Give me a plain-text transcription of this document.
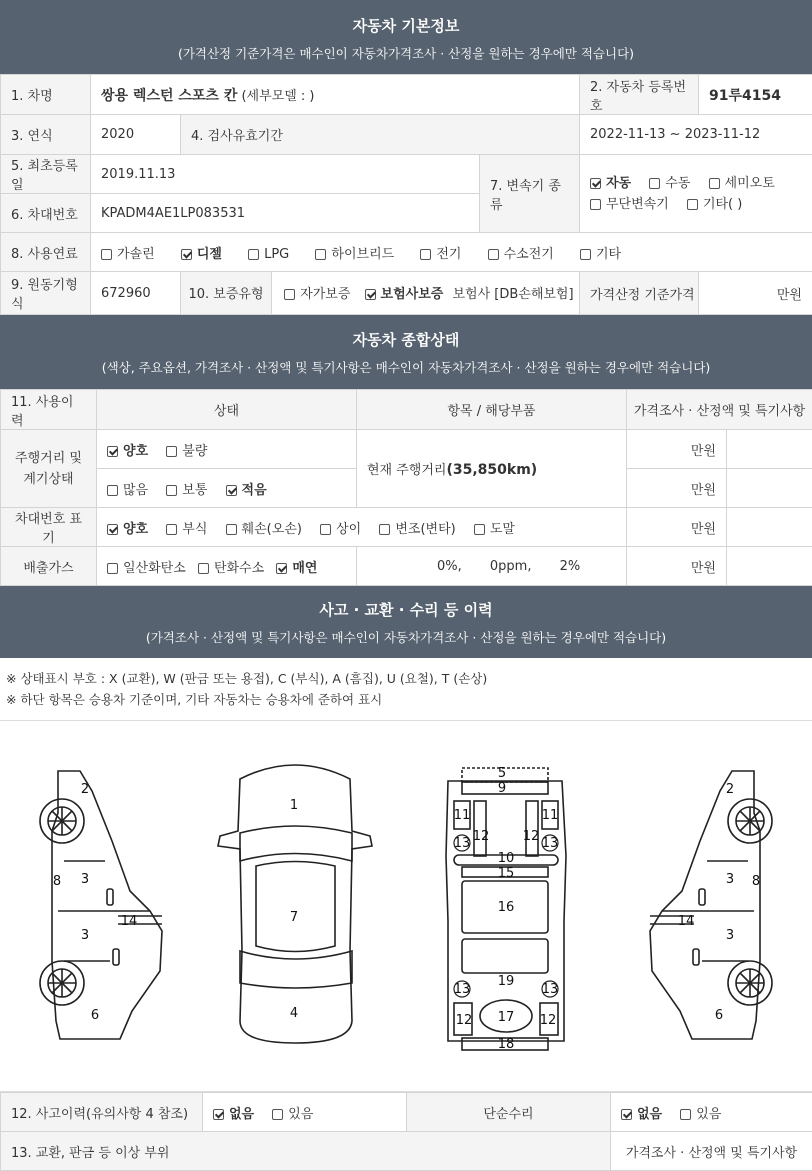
자동차 기본정보
(가격산정 기준가격은 매수인이 자동차가격조사 · 산정을 원하는 경우에만 적습니다)
1. 차명	쌍용 렉스턴 스포츠 칸 (세부모델 : )			2. 자동차 등록번호	91루4154
3. 연식	2020	4. 검사유효기간		2022-11-13 ~ 2023-11-12	
5. 최초등록일	2019.11.13		7. 변속기 종류	자동 수동 세미오토
무단변속기 기타( )	
6. 차대번호	KPADM4AE1LP083531				
8. 사용연료	가솔린 디젤 LPG 하이브리드 전기 수소전기 기타				
9. 원동기형식	672960	10. 보증유형 자가보증 보험사보증 보험사 [DB손해보험]		가격산정 기준가격	만원
자동차 종합상태
(색상, 주요옵션, 가격조사 · 산정액 및 특기사항은 매수인이 자동차가격조사 · 산정을 원하는 경우에만 적습니다)
11. 사용이력	상태	항목 / 해당부품	가격조사 · 산정액 및 특기사항	
주행거리 및 계기상태	양호 불량	현재 주행거리(35,850km)	만원	
	많음 보통 적음		만원	
차대번호 표기	양호 부식 훼손(오손) 상이 변조(변타) 도말		만원	
배출가스	일산화탄소 탄화수소 매연	0%, 0ppm, 2%	만원	
사고 · 교환 · 수리 등 이력
(가격조사 · 산정액 및 특기사항은 매수인이 자동차가격조사 · 산정을 원하는 경우에만 적습니다)
※ 상태표시 부호 : X (교환), W (판금 또는 용접), C (부식), A (흠집), U (요철), T (손상)
※ 하단 항목은 승용차 기준이며, 기타 자동차는 승용차에 준하여 표시
2
3
8
3
14
6
1
7
4
5
9
11	11
12	12
13	13
10
15
16
19
13	13
12 17 12
18
2
3 8
14
3
6
12. 사고이력(유의사항 4 참조)	없음 있음	단순수리	없음 있음
13. 교환, 판금 등 이상 부위			가격조사 · 산정액 및 특기사항
